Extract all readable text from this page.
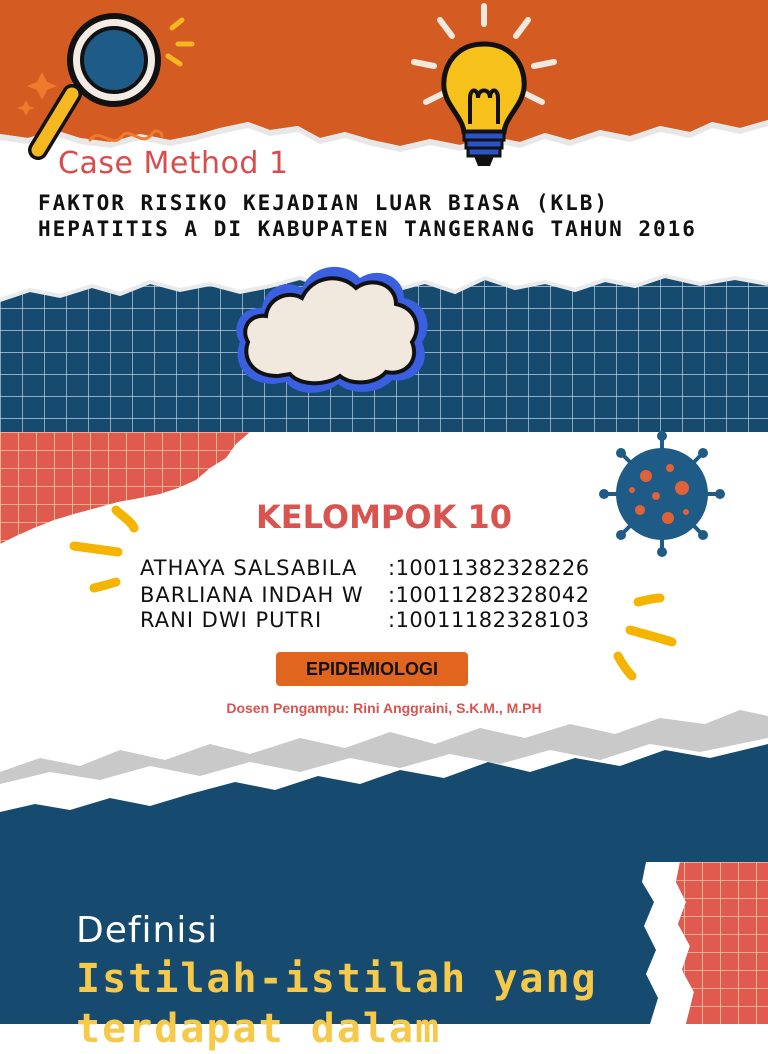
Case Method 1

FAKTOR RISIKO KEJADIAN LUAR BIASA (KLB) HEPATITIS A DI KABUPATEN TANGERANG TAHUN 2016

KELOMPOK 10
ATHAYA SALSABILA	:10011382328226
BARLIANA INDAH W	:10011282328042
RANI DWI PUTRI	:10011182328103
EPIDEMIOLOGI
Dosen Pengampu: Rini Anggraini, S.K.M., M.PH
Definisi

Istilah-istilah yang terdapat dalam
